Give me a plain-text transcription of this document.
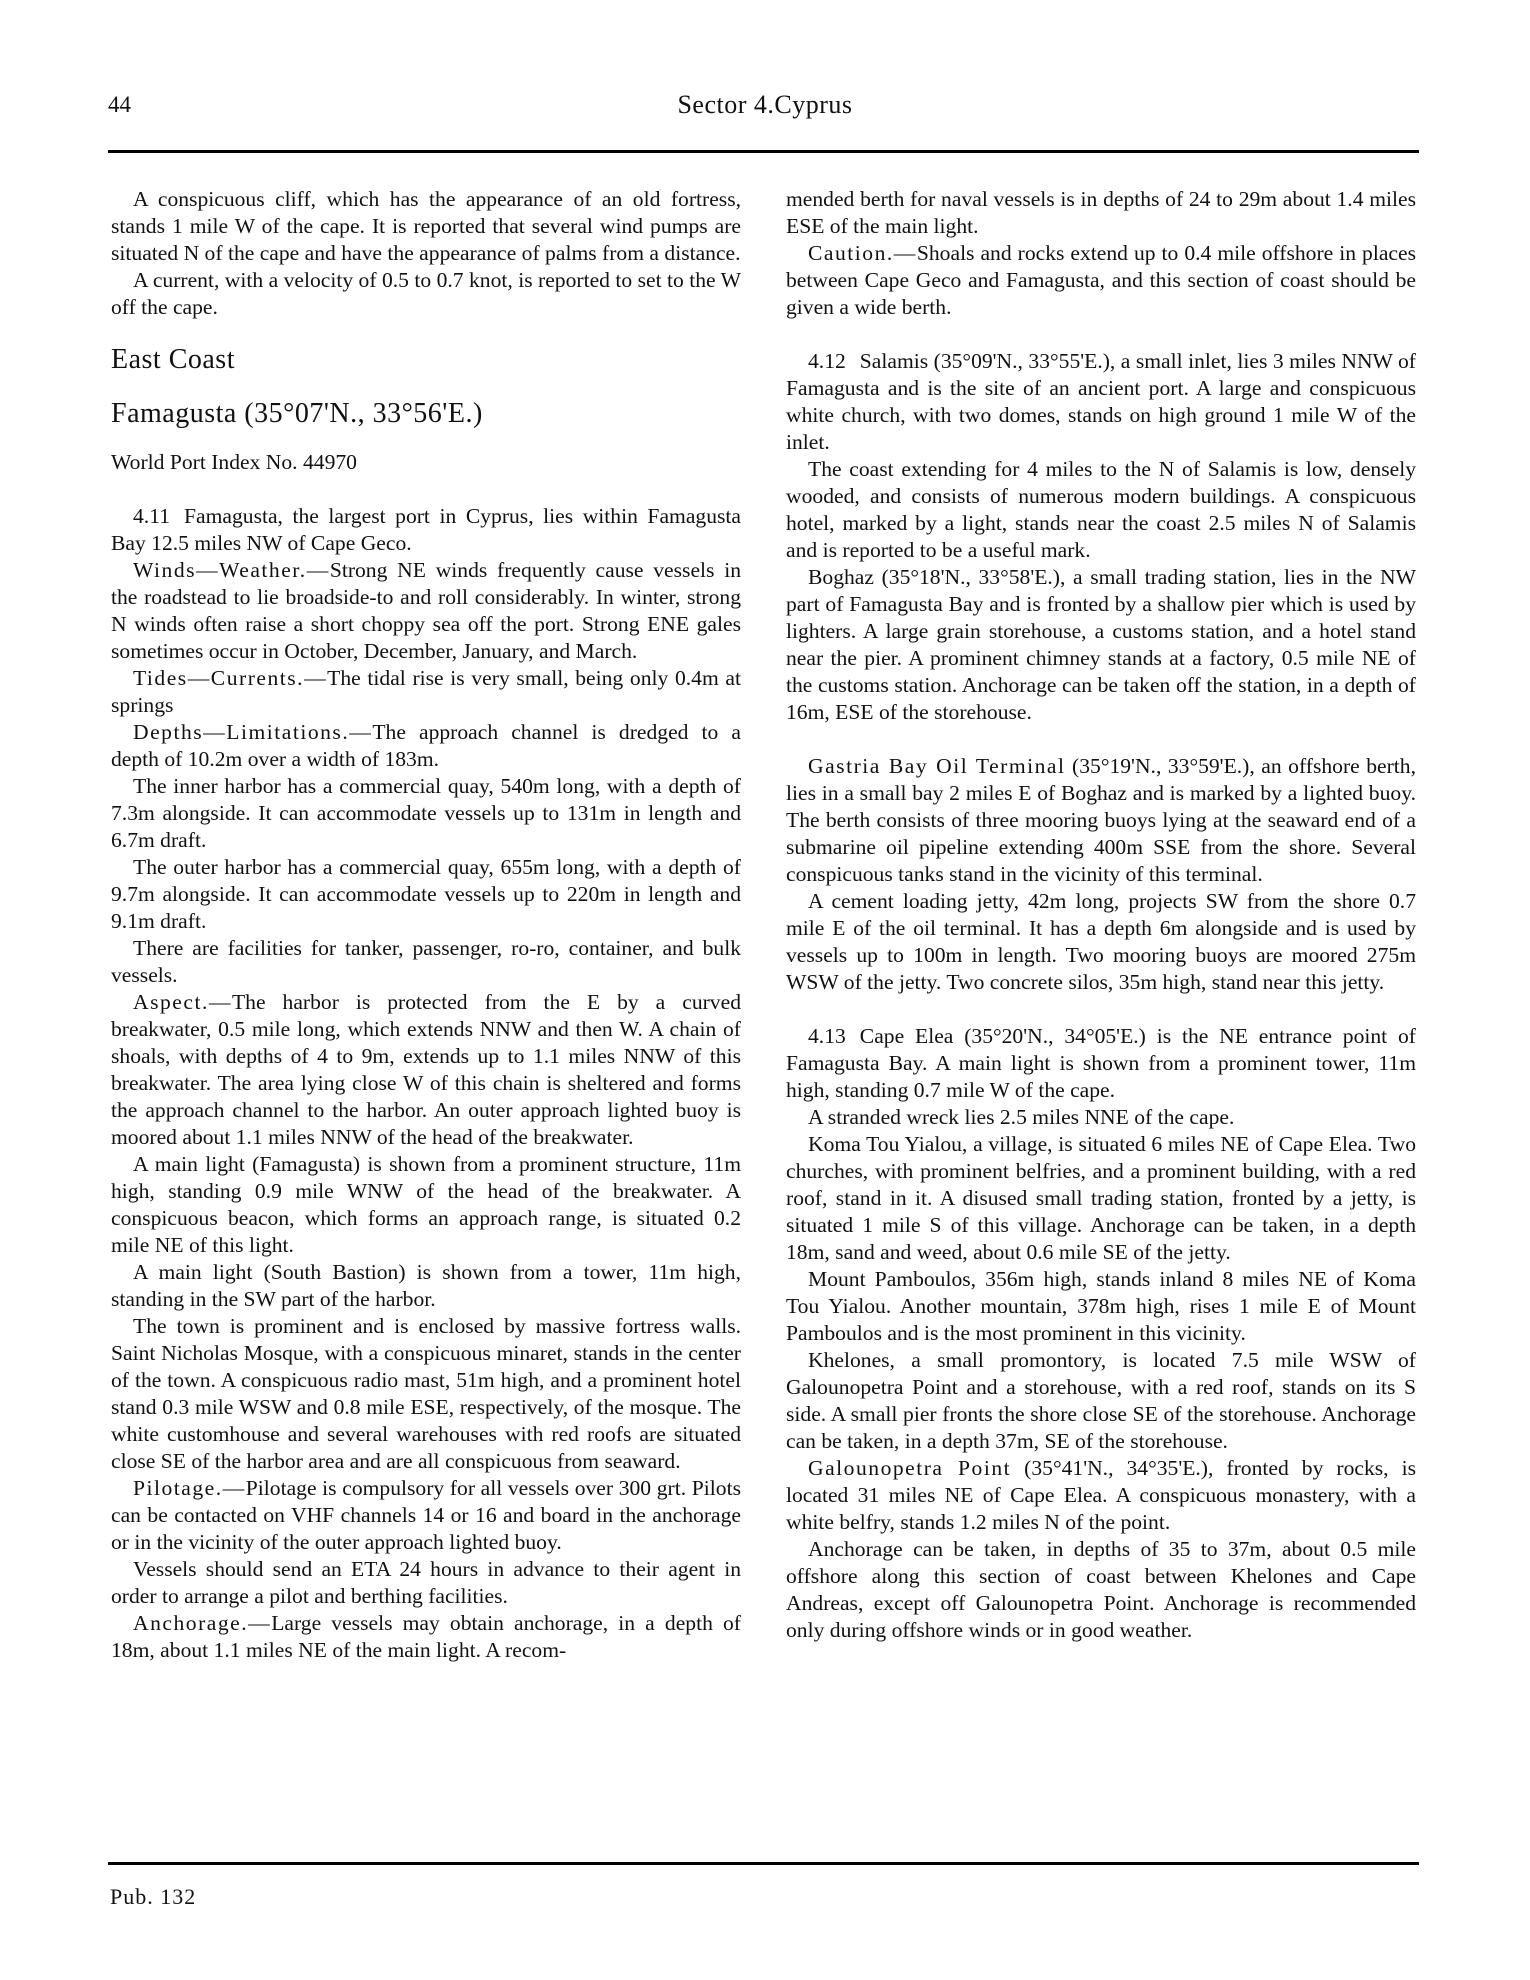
44	Sector 4.Cyprus

A conspicuous cliff, which has the appearance of an old fortress, stands 1 mile W of the cape. It is reported that several wind pumps are situated N of the cape and have the appearance of palms from a distance.

A current, with a velocity of 0.5 to 0.7 knot, is reported to set to the W off the cape.

East Coast
Famagusta (35°07'N., 33°56'E.)

World Port Index No. 44970

4.11 Famagusta, the largest port in Cyprus, lies within Famagusta Bay 12.5 miles NW of Cape Geco.

Winds—Weather.—Strong NE winds frequently cause vessels in the roadstead to lie broadside-to and roll considerably. In winter, strong N winds often raise a short choppy sea off the port. Strong ENE gales sometimes occur in October, December, January, and March.

Tides—Currents.—The tidal rise is very small, being only 0.4m at springs

Depths—Limitations.—The approach channel is dredged to a depth of 10.2m over a width of 183m.

The inner harbor has a commercial quay, 540m long, with a depth of 7.3m alongside. It can accommodate vessels up to 131m in length and 6.7m draft.

The outer harbor has a commercial quay, 655m long, with a depth of 9.7m alongside. It can accommodate vessels up to 220m in length and 9.1m draft.

There are facilities for tanker, passenger, ro-ro, container, and bulk vessels.

Aspect.—The harbor is protected from the E by a curved breakwater, 0.5 mile long, which extends NNW and then W. A chain of shoals, with depths of 4 to 9m, extends up to 1.1 miles NNW of this breakwater. The area lying close W of this chain is sheltered and forms the approach channel to the harbor. An outer approach lighted buoy is moored about 1.1 miles NNW of the head of the breakwater.

A main light (Famagusta) is shown from a prominent structure, 11m high, standing 0.9 mile WNW of the head of the breakwater. A conspicuous beacon, which forms an approach range, is situated 0.2 mile NE of this light.

A main light (South Bastion) is shown from a tower, 11m high, standing in the SW part of the harbor.

The town is prominent and is enclosed by massive fortress walls. Saint Nicholas Mosque, with a conspicuous minaret, stands in the center of the town. A conspicuous radio mast, 51m high, and a prominent hotel stand 0.3 mile WSW and 0.8 mile ESE, respectively, of the mosque. The white customhouse and several warehouses with red roofs are situated close SE of the harbor area and are all conspicuous from seaward.

Pilotage.—Pilotage is compulsory for all vessels over 300 grt. Pilots can be contacted on VHF channels 14 or 16 and board in the anchorage or in the vicinity of the outer approach lighted buoy.

Vessels should send an ETA 24 hours in advance to their agent in order to arrange a pilot and berthing facilities.

Anchorage.—Large vessels may obtain anchorage, in a depth of 18m, about 1.1 miles NE of the main light. A recom-

mended berth for naval vessels is in depths of 24 to 29m about 1.4 miles ESE of the main light.

Caution.—Shoals and rocks extend up to 0.4 mile offshore in places between Cape Geco and Famagusta, and this section of coast should be given a wide berth.

4.12 Salamis (35°09'N., 33°55'E.), a small inlet, lies 3 miles NNW of Famagusta and is the site of an ancient port. A large and conspicuous white church, with two domes, stands on high ground 1 mile W of the inlet.

The coast extending for 4 miles to the N of Salamis is low, densely wooded, and consists of numerous modern buildings. A conspicuous hotel, marked by a light, stands near the coast 2.5 miles N of Salamis and is reported to be a useful mark.

Boghaz (35°18'N., 33°58'E.), a small trading station, lies in the NW part of Famagusta Bay and is fronted by a shallow pier which is used by lighters. A large grain storehouse, a customs station, and a hotel stand near the pier. A prominent chimney stands at a factory, 0.5 mile NE of the customs station. Anchorage can be taken off the station, in a depth of 16m, ESE of the storehouse.

Gastria Bay Oil Terminal (35°19'N., 33°59'E.), an offshore berth, lies in a small bay 2 miles E of Boghaz and is marked by a lighted buoy. The berth consists of three mooring buoys lying at the seaward end of a submarine oil pipeline extending 400m SSE from the shore. Several conspicuous tanks stand in the vicinity of this terminal.

A cement loading jetty, 42m long, projects SW from the shore 0.7 mile E of the oil terminal. It has a depth 6m alongside and is used by vessels up to 100m in length. Two mooring buoys are moored 275m WSW of the jetty. Two concrete silos, 35m high, stand near this jetty.

4.13 Cape Elea (35°20'N., 34°05'E.) is the NE entrance point of Famagusta Bay. A main light is shown from a prominent tower, 11m high, standing 0.7 mile W of the cape.

A stranded wreck lies 2.5 miles NNE of the cape.

Koma Tou Yialou, a village, is situated 6 miles NE of Cape Elea. Two churches, with prominent belfries, and a prominent building, with a red roof, stand in it. A disused small trading station, fronted by a jetty, is situated 1 mile S of this village. Anchorage can be taken, in a depth 18m, sand and weed, about 0.6 mile SE of the jetty.

Mount Pamboulos, 356m high, stands inland 8 miles NE of Koma Tou Yialou. Another mountain, 378m high, rises 1 mile E of Mount Pamboulos and is the most prominent in this vicinity.

Khelones, a small promontory, is located 7.5 mile WSW of Galounopetra Point and a storehouse, with a red roof, stands on its S side. A small pier fronts the shore close SE of the storehouse. Anchorage can be taken, in a depth 37m, SE of the storehouse.

Galounopetra Point (35°41'N., 34°35'E.), fronted by rocks, is located 31 miles NE of Cape Elea. A conspicuous monastery, with a white belfry, stands 1.2 miles N of the point.

Anchorage can be taken, in depths of 35 to 37m, about 0.5 mile offshore along this section of coast between Khelones and Cape Andreas, except off Galounopetra Point. Anchorage is recommended only during offshore winds or in good weather.

Pub. 132
